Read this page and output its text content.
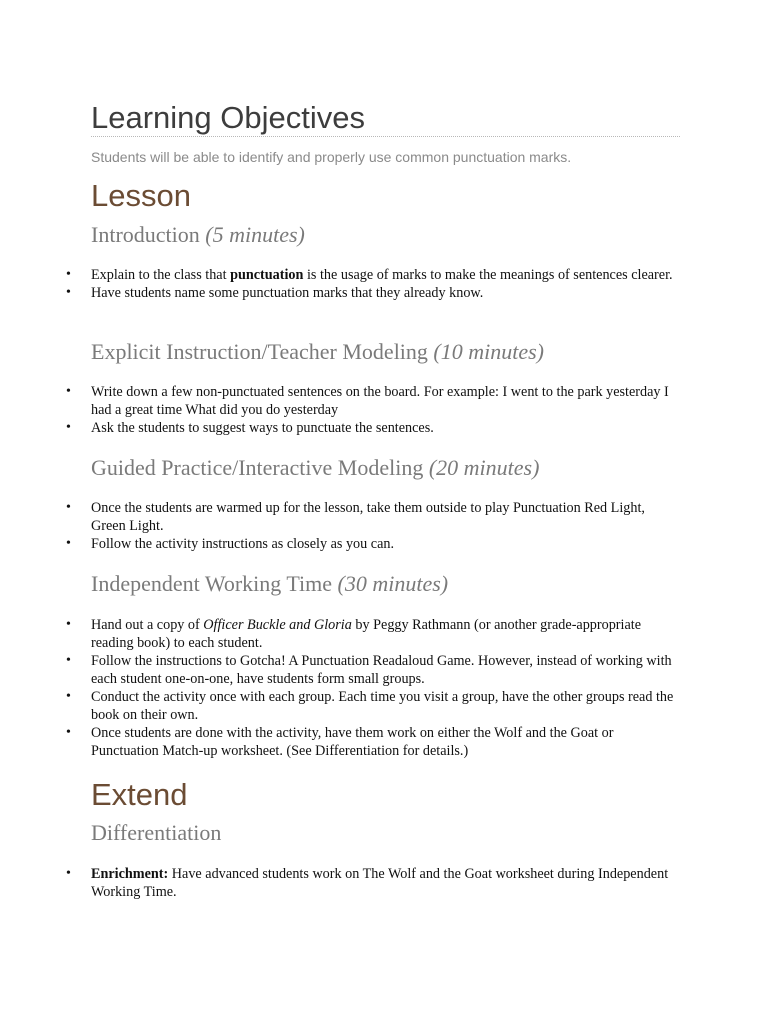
Learning Objectives

Students will be able to identify and properly use common punctuation marks.

Lesson
Introduction (5 minutes)
• Explain to the class that punctuation is the usage of marks to make the meanings of sentences clearer.
• Have students name some punctuation marks that they already know.
Explicit Instruction/Teacher Modeling (10 minutes)
• Write down a few non-punctuated sentences on the board. For example: I went to the park yesterday I had a great time What did you do yesterday
• Ask the students to suggest ways to punctuate the sentences.
Guided Practice/Interactive Modeling (20 minutes)
• Once the students are warmed up for the lesson, take them outside to play Punctuation Red Light, Green Light.
• Follow the activity instructions as closely as you can.
Independent Working Time (30 minutes)
• Hand out a copy of Officer Buckle and Gloria by Peggy Rathmann (or another grade-appropriate reading book) to each student.
• Follow the instructions to Gotcha! A Punctuation Readaloud Game. However, instead of working with each student one-on-one, have students form small groups.
• Conduct the activity once with each group. Each time you visit a group, have the other groups read the book on their own.
• Once students are done with the activity, have them work on either the Wolf and the Goat or Punctuation Match-up worksheet. (See Differentiation for details.)
Extend
Differentiation
• Enrichment: Have advanced students work on The Wolf and the Goat worksheet during Independent Working Time.
